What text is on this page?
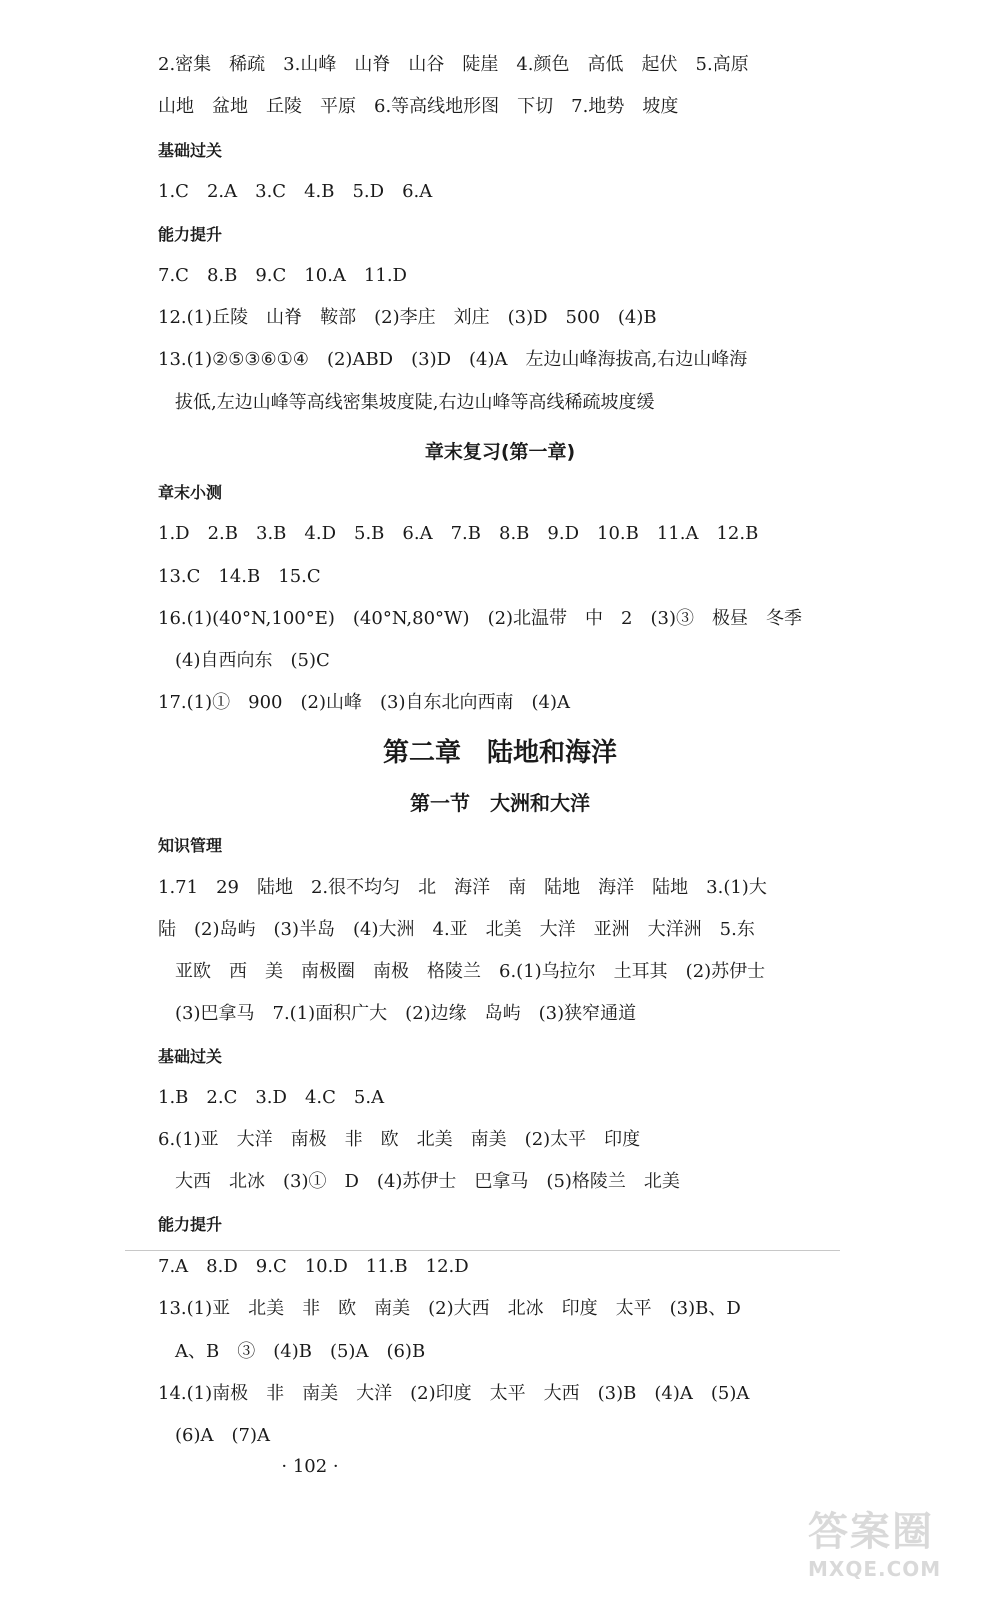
2.密集　稀疏　3.山峰　山脊　山谷　陡崖　4.颜色　高低　起伏　5.高原
山地　盆地　丘陵　平原　6.等高线地形图　下切　7.地势　坡度
基础过关
1.C　2.A　3.C　4.B　5.D　6.A
能力提升
7.C　8.B　9.C　10.A　11.D
12.(1)丘陵　山脊　鞍部　(2)李庄　刘庄　(3)D　500　(4)B
13.(1)②⑤③⑥①④　(2)ABD　(3)D　(4)A　左边山峰海拔高,右边山峰海
拔低,左边山峰等高线密集坡度陡,右边山峰等高线稀疏坡度缓
章末复习(第一章)
章末小测
1.D　2.B　3.B　4.D　5.B　6.A　7.B　8.B　9.D　10.B　11.A　12.B
13.C　14.B　15.C
16.(1)(40°N,100°E)　(40°N,80°W)　(2)北温带　中　2　(3)③　极昼　冬季
(4)自西向东　(5)C
17.(1)①　900　(2)山峰　(3)自东北向西南　(4)A
第二章　陆地和海洋
第一节　大洲和大洋
知识管理
1.71　29　陆地　2.很不均匀　北　海洋　南　陆地　海洋　陆地　3.(1)大
陆　(2)岛屿　(3)半岛　(4)大洲　4.亚　北美　大洋　亚洲　大洋洲　5.东
亚欧　西　美　南极圈　南极　格陵兰　6.(1)乌拉尔　土耳其　(2)苏伊士
(3)巴拿马　7.(1)面积广大　(2)边缘　岛屿　(3)狭窄通道
基础过关
1.B　2.C　3.D　4.C　5.A
6.(1)亚　大洋　南极　非　欧　北美　南美　(2)太平　印度
大西　北冰　(3)①　D　(4)苏伊士　巴拿马　(5)格陵兰　北美
能力提升
7.A　8.D　9.C　10.D　11.B　12.D
13.(1)亚　北美　非　欧　南美　(2)大西　北冰　印度　太平　(3)B、D
A、B　③　(4)B　(5)A　(6)B
14.(1)南极　非　南美　大洋　(2)印度　太平　大西　(3)B　(4)A　(5)A
(6)A　(7)A
· 102 ·
答案圈
MXQE.COM
